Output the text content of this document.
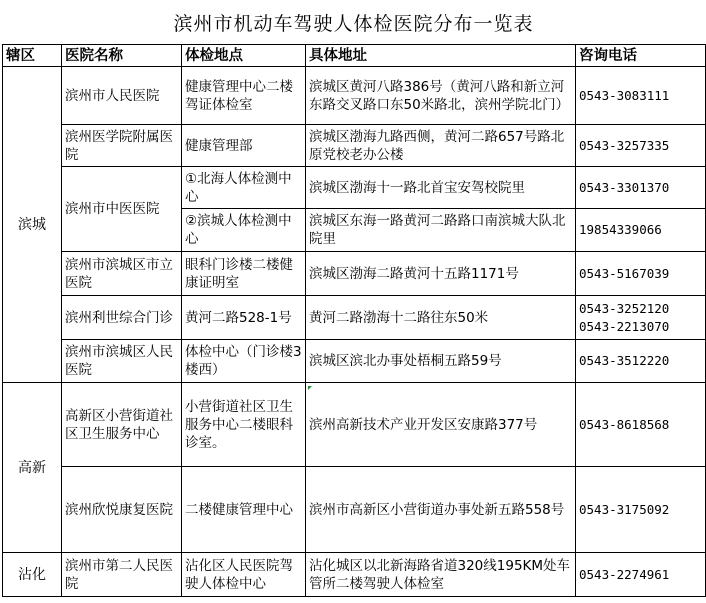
滨州市机动车驾驶人体检医院分布一览表
辖区	医院名称	体检地点	具体地址	咨询电话
滨城	滨州市人民医院	健康管理中心二楼驾证体检室	滨城区黄河八路386号（黄河八路和新立河东路交叉路口东50米路北，滨州学院北门）	0543-3083111

	滨州医学院附属医院	健康管理部	滨城区渤海九路西侧，黄河二路657号路北原党校老办公楼	0543-3257335

	滨州市中医医院	①北海人体检测中心	滨城区渤海十一路北首宝安驾校院里	0543-3301370

		②滨城人体检测中心	滨城区东海一路黄河二路路口南滨城大队北院里	19854339066

	滨州市滨城区市立医院	眼科门诊楼二楼健康证明室	滨城区渤海二路黄河十五路1171号	0543-5167039

	滨州利世综合门诊	黄河二路528-1号	黄河二路渤海十二路往东50米	0543-3252120
0543-2213070

	滨州市滨城区人民医院	体检中心（门诊楼3楼西）	滨城区滨北办事处梧桐五路59号	0543-3512220

高新	高新区小营街道社区卫生服务中心	小营街道社区卫生服务中心二楼眼科诊室。	滨州高新技术产业开发区安康路377号	0543-8618568

	滨州欣悦康复医院	二楼健康管理中心	滨州市高新区小营街道办事处新五路558号	0543-3175092

沾化	滨州市第二人民医院	沾化区人民医院驾驶人体检中心	沾化城区以北新海路省道320线195KM处车管所二楼驾驶人体检室	0543-2274961
